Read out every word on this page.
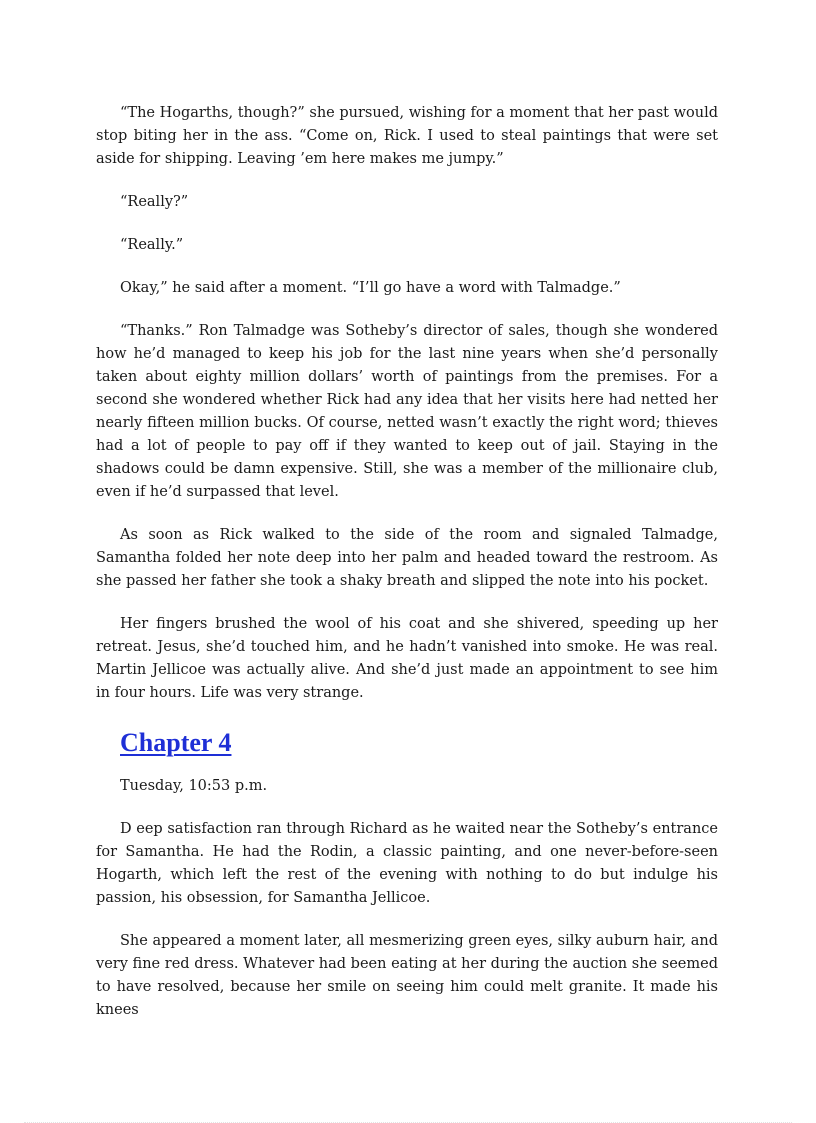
“The Hogarths, though?” she pursued, wishing for a moment that her past would stop biting her in the ass. “Come on, Rick. I used to steal paintings that were set aside for shipping. Leaving ’em here makes me jumpy.”

“Really?”

“Really.”

Okay,” he said after a moment. “I’ll go have a word with Talmadge.”

“Thanks.” Ron Talmadge was Sotheby’s director of sales, though she wondered how he’d managed to keep his job for the last nine years when she’d personally taken about eighty million dollars’ worth of paintings from the premises. For a second she wondered whether Rick had any idea that her visits here had netted her nearly fifteen million bucks. Of course, netted wasn’t exactly the right word; thieves had a lot of people to pay off if they wanted to keep out of jail. Staying in the shadows could be damn expensive. Still, she was a member of the millionaire club, even if he’d surpassed that level.

As soon as Rick walked to the side of the room and signaled Talmadge, Samantha folded her note deep into her palm and headed toward the restroom. As she passed her father she took a shaky breath and slipped the note into his pocket.

Her fingers brushed the wool of his coat and she shivered, speeding up her retreat. Jesus, she’d touched him, and he hadn’t vanished into smoke. He was real. Martin Jellicoe was actually alive. And she’d just made an appointment to see him in four hours. Life was very strange.

Chapter 4

Tuesday, 10:53 p.m.

D eep satisfaction ran through Richard as he waited near the Sotheby’s entrance for Samantha. He had the Rodin, a classic painting, and one never-before-seen Hogarth, which left the rest of the evening with nothing to do but indulge his passion, his obsession, for Samantha Jellicoe.

She appeared a moment later, all mesmerizing green eyes, silky auburn hair, and very fine red dress. Whatever had been eating at her during the auction she seemed to have resolved, because her smile on seeing him could melt granite. It made his knees
